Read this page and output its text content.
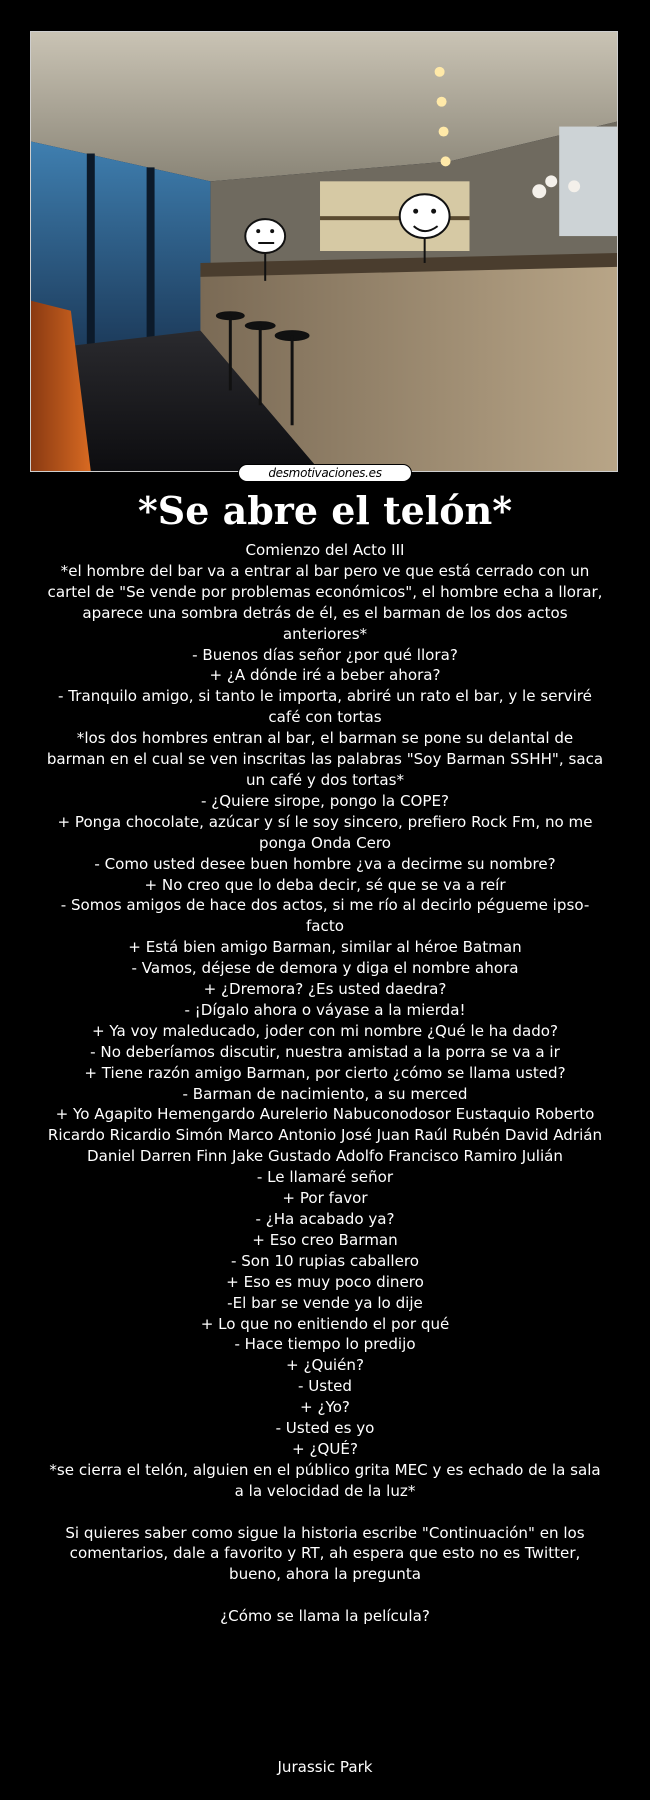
desmotivaciones.es
*Se abre el telón*
Comienzo del Acto III
*el hombre del bar va a entrar al bar pero ve que está cerrado con un cartel de "Se vende por problemas económicos", el hombre echa a llorar, aparece una sombra detrás de él, es el barman de los dos actos anteriores*
- Buenos días señor ¿por qué llora?
+ ¿A dónde iré a beber ahora?
- Tranquilo amigo, si tanto le importa, abriré un rato el bar, y le serviré café con tortas
*los dos hombres entran al bar, el barman se pone su delantal de barman en el cual se ven inscritas las palabras "Soy Barman SSHH", saca un café y dos tortas*
- ¿Quiere sirope, pongo la COPE?
+ Ponga chocolate, azúcar y sí le soy sincero, prefiero Rock Fm, no me ponga Onda Cero
- Como usted desee buen hombre ¿va a decirme su nombre?
+ No creo que lo deba decir, sé que se va a reír
- Somos amigos de hace dos actos, si me río al decirlo pégueme ipso-facto
+ Está bien amigo Barman, similar al héroe Batman
- Vamos, déjese de demora y diga el nombre ahora
+ ¿Dremora? ¿Es usted daedra?
- ¡Dígalo ahora o váyase a la mierda!
+ Ya voy maleducado, joder con mi nombre ¿Qué le ha dado?
- No deberíamos discutir, nuestra amistad a la porra se va a ir
+ Tiene razón amigo Barman, por cierto ¿cómo se llama usted?
- Barman de nacimiento, a su merced
+ Yo Agapito Hemengardo Aurelerio Nabuconodosor Eustaquio Roberto Ricardo Ricardio Simón Marco Antonio José Juan Raúl Rubén David Adrián Daniel Darren Finn Jake Gustado Adolfo Francisco Ramiro Julián
- Le llamaré señor
+ Por favor
- ¿Ha acabado ya?
+ Eso creo Barman
- Son 10 rupias caballero
+ Eso es muy poco dinero
-El bar se vende ya lo dije
+ Lo que no enitiendo el por qué
- Hace tiempo lo predijo
+ ¿Quién?
- Usted
+ ¿Yo?
- Usted es yo
+ ¿QUÉ?
*se cierra el telón, alguien en el público grita MEC y es echado de la sala a la velocidad de la luz*
Si quieres saber como sigue la historia escribe "Continuación" en los comentarios, dale a favorito y RT, ah espera que esto no es Twitter, bueno, ahora la pregunta
¿Cómo se llama la película?
Jurassic Park
